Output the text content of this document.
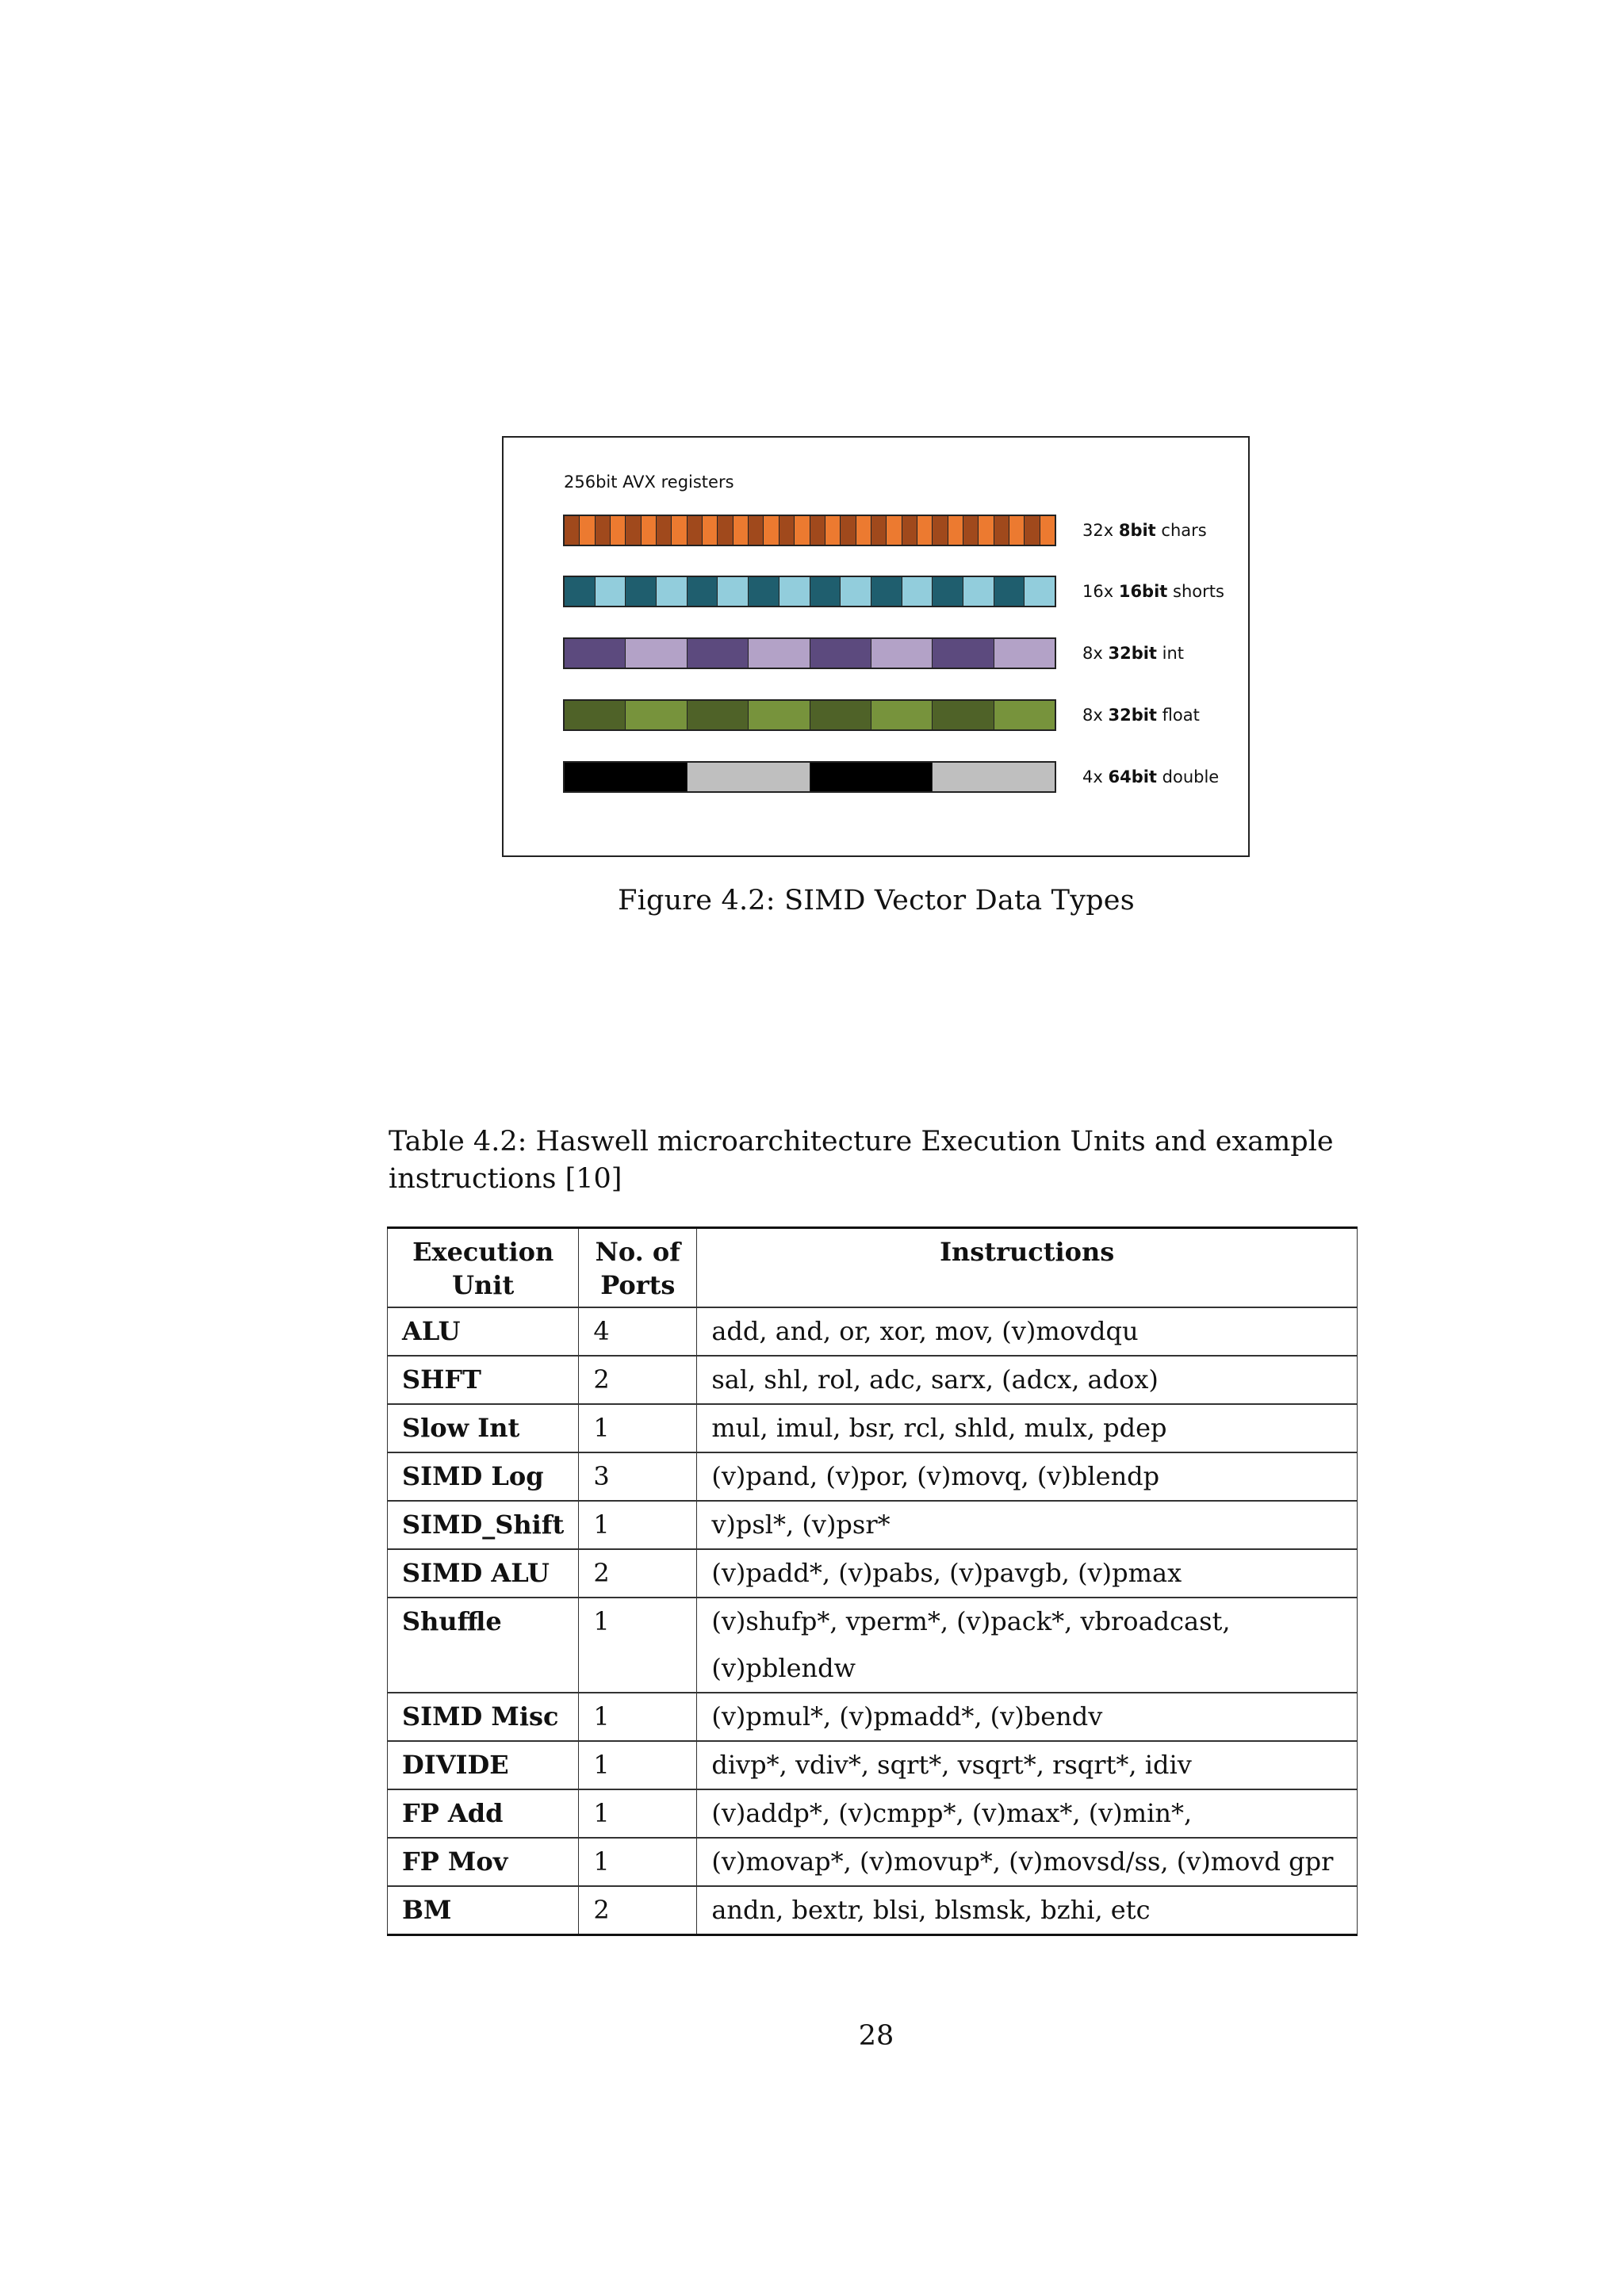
256bit AVX registers
32x 8bit chars
16x 16bit shorts
8x 32bit int
8x 32bit float
4x 64bit double
Figure 4.2: SIMD Vector Data Types
Table 4.2: Haswell microarchitecture Execution Units and example instructions [10]
Execution Unit	No. of Ports	Instructions
ALU	4	add, and, or, xor, mov, (v)movdqu
SHFT	2	sal, shl, rol, adc, sarx, (adcx, adox)
Slow Int	1	mul, imul, bsr, rcl, shld, mulx, pdep
SIMD Log	3	(v)pand, (v)por, (v)movq, (v)blendp
SIMD_Shift	1	v)psl*, (v)psr*
SIMD ALU	2	(v)padd*, (v)pabs, (v)pavgb, (v)pmax
Shuffle	1	(v)shufp*, vperm*, (v)pack*, vbroadcast, (v)pblendw
SIMD Misc	1	(v)pmul*, (v)pmadd*, (v)bendv
DIVIDE	1	divp*, vdiv*, sqrt*, vsqrt*, rsqrt*, idiv
FP Add	1	(v)addp*, (v)cmpp*, (v)max*, (v)min*,
FP Mov	1	(v)movap*, (v)movup*, (v)movsd/ss, (v)movd gpr
BM	2	andn, bextr, blsi, blsmsk, bzhi, etc
28
